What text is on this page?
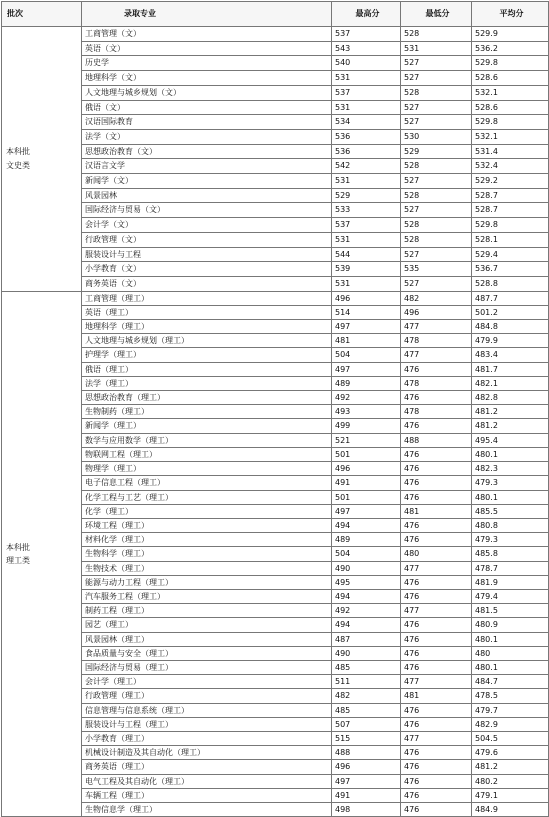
批次	录取专业	最高分	最低分	平均分

本科批
文史类	工商管理（文）	537	528	529.9
	英语（文）	543	531	536.2
	历史学	540	527	529.8
	地理科学（文）	531	527	528.6
	人文地理与城乡规划（文）	537	528	532.1
	俄语（文）	531	527	528.6
	汉语国际教育	534	527	529.8
	法学（文）	536	530	532.1
	思想政治教育（文）	536	529	531.4
	汉语言文学	542	528	532.4
	新闻学（文）	531	527	529.2
	风景园林	529	528	528.7
	国际经济与贸易（文）	533	527	528.7
	会计学（文）	537	528	529.8
	行政管理（文）	531	528	528.1
	服装设计与工程	544	527	529.4
	小学教育（文）	539	535	536.7
	商务英语（文）	531	527	528.8

本科批
理工类	工商管理（理工）	496	482	487.7
	英语（理工）	514	496	501.2
	地理科学（理工）	497	477	484.8
	人文地理与城乡规划（理工）	481	478	479.9
	护理学（理工）	504	477	483.4
	俄语（理工）	497	476	481.7
	法学（理工）	489	478	482.1
	思想政治教育（理工）	492	476	482.8
	生物制药（理工）	493	478	481.2
	新闻学（理工）	499	476	481.2
	数学与应用数学（理工）	521	488	495.4
	物联网工程（理工）	501	476	480.1
	物理学（理工）	496	476	482.3
	电子信息工程（理工）	491	476	479.3
	化学工程与工艺（理工）	501	476	480.1
	化学（理工）	497	481	485.5
	环境工程（理工）	494	476	480.8
	材料化学（理工）	489	476	479.3
	生物科学（理工）	504	480	485.8
	生物技术（理工）	490	477	478.7
	能源与动力工程（理工）	495	476	481.9
	汽车服务工程（理工）	494	476	479.4
	制药工程（理工）	492	477	481.5
	园艺（理工）	494	476	480.9
	风景园林（理工）	487	476	480.1
	食品质量与安全（理工）	490	476	480
	国际经济与贸易（理工）	485	476	480.1
	会计学（理工）	511	477	484.7
	行政管理（理工）	482	481	478.5
	信息管理与信息系统（理工）	485	476	479.7
	服装设计与工程（理工）	507	476	482.9
	小学教育（理工）	515	477	504.5
	机械设计制造及其自动化（理工）	488	476	479.6
	商务英语（理工）	496	476	481.2
	电气工程及其自动化（理工）	497	476	480.2
	车辆工程（理工）	491	476	479.1
	生物信息学（理工）	498	476	484.9
